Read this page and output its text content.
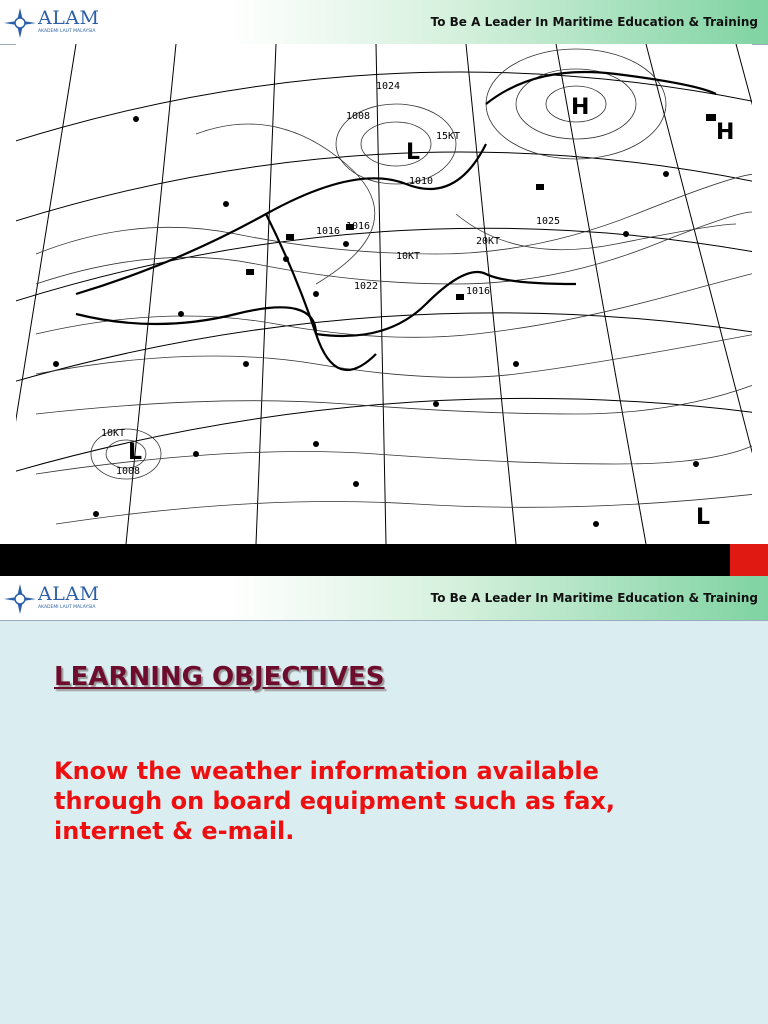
ALAM
AKADEMI LAUT MALAYSIA
To Be A Leader In Maritime Education & Training
1024
1008
1016
1010
1016
1022	1016
1025
1008
20KT
10KT
10KT
15KT
L
L
L
H
H
ALAM
AKADEMI LAUT MALAYSIA
To Be A Leader In Maritime Education & Training
LEARNING OBJECTIVES

Know the weather information available through on board equipment such as fax, internet & e-mail.
